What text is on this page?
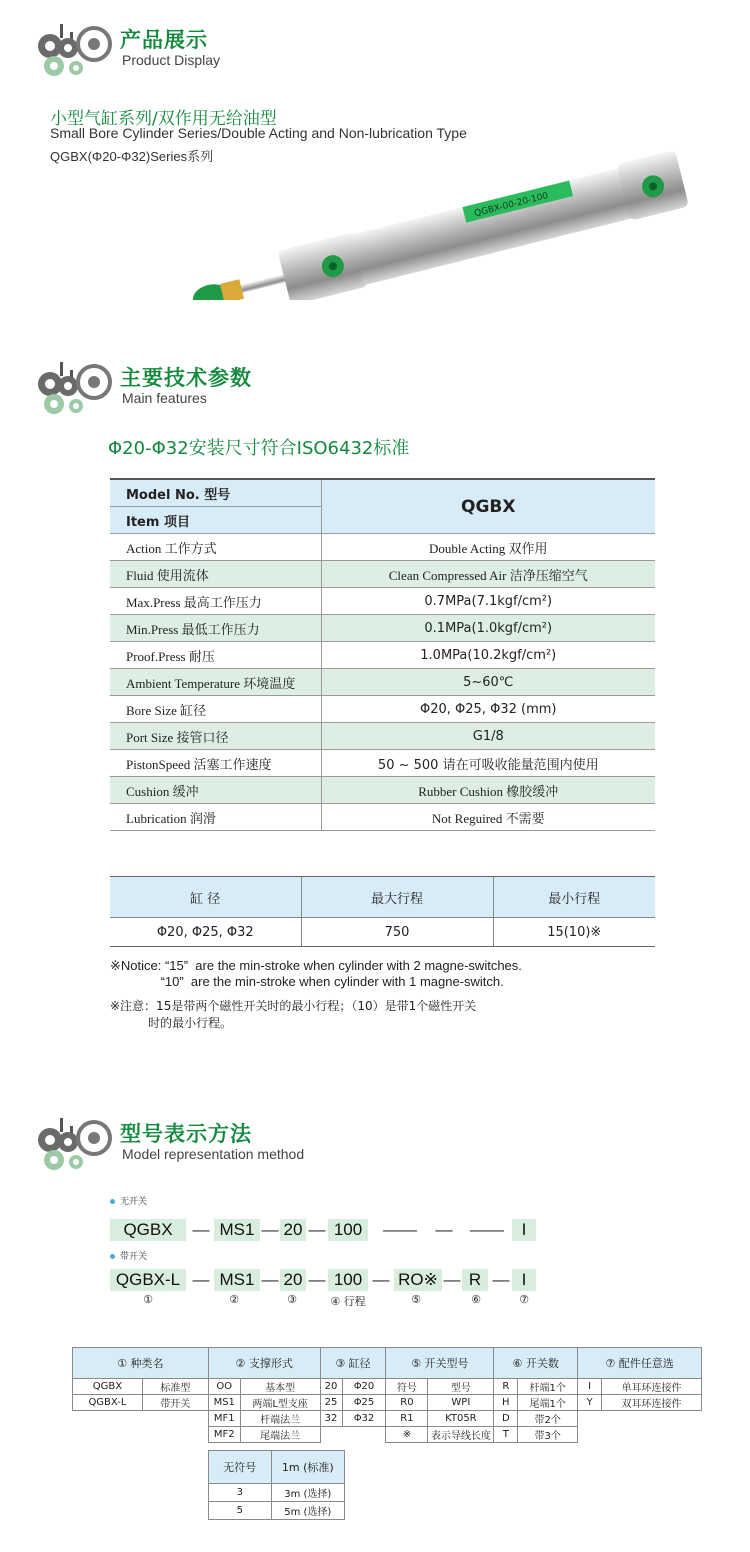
产品展示
Product Display
小型气缸系列/双作用无给油型
Small Bore Cylinder Series/Double Acting and Non-lubrication Type
QGBX(Φ20-Φ32)Series系列
QGBX-00-20-100
主要技术参数
Main features
Φ20-Φ32安装尺寸符合ISO6432标准
Model No. 型号	QGBX
Item 项目	
Action 工作方式	Double Acting 双作用
Fluid 使用流体	Clean Compressed Air 洁净压缩空气
Max.Press 最高工作压力	0.7MPa(7.1kgf/cm²)
Min.Press 最低工作压力	0.1MPa(1.0kgf/cm²)
Proof.Press 耐压	1.0MPa(10.2kgf/cm²)
Ambient Temperature 环境温度	5~60℃
Bore Size 缸径	Φ20, Φ25, Φ32 (mm)
Port Size 接管口径	G1/8
PistonSpeed 活塞工作速度	50 ~ 500 请在可吸收能量范围内使用
Cushion 缓冲	Rubber Cushion 橡胶缓冲
Lubrication 润滑	Not Reguired 不需要
缸 径	最大行程	最小行程
Φ20, Φ25, Φ32	750	15(10)※
※Notice: “15”  are the min-stroke when cylinder with 2 magne-switches.
“10”  are the min-stroke when cylinder with 1 magne-switch.
※注意：15是带两个磁性开关时的最小行程；（10）是带1个磁性开关
时的最小行程。
型号表示方法
Model representation method
无开关
QGBX	— MS1 — 20 — 100	——	—	——	I
带开关
QGBX-L — MS1 — 20 — 100 — RO※ — R — I
①	②	③	④ 行程	⑤	⑥	⑦
① 种类名		② 支撑形式		③ 缸径		⑤ 开关型号		⑥ 开关数		⑦ 配件任意选	
QGBX	标准型	OO	基本型	20	Φ20	符号	型号	R	杆端1个	I	单耳环连接件
QGBX-L	带开关	MS1	两端L型支座	25	Φ25	R0	WPI	H	尾端1个	Y	双耳环连接件
		MF1	杆端法兰	32	Φ32	R1	KT05R	D	带2个		
		MF2	尾端法兰			※	表示导线长度	T	带3个		
无符号	1m (标准)
3	3m (选择)
5	5m (选择)
